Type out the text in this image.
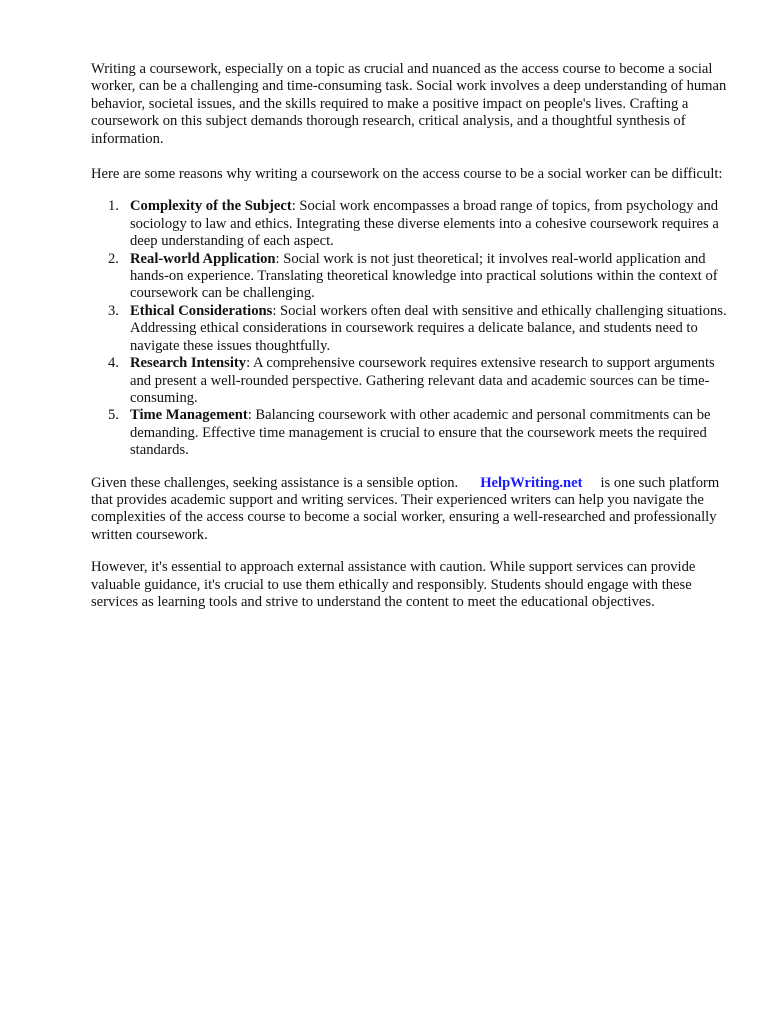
Writing a coursework, especially on a topic as crucial and nuanced as the access course to become a social worker, can be a challenging and time-consuming task. Social work involves a deep understanding of human behavior, societal issues, and the skills required to make a positive impact on people's lives. Crafting a coursework on this subject demands thorough research, critical analysis, and a thoughtful synthesis of information.

Here are some reasons why writing a coursework on the access course to be a social worker can be difficult:

1. Complexity of the Subject: Social work encompasses a broad range of topics, from psychology and sociology to law and ethics. Integrating these diverse elements into a cohesive coursework requires a deep understanding of each aspect.
2. Real-world Application: Social work is not just theoretical; it involves real-world application and hands-on experience. Translating theoretical knowledge into practical solutions within the context of coursework can be challenging.
3. Ethical Considerations: Social workers often deal with sensitive and ethically challenging situations. Addressing ethical considerations in coursework requires a delicate balance, and students need to navigate these issues thoughtfully.
4. Research Intensity: A comprehensive coursework requires extensive research to support arguments and present a well-rounded perspective. Gathering relevant data and academic sources can be time-consuming.
5. Time Management: Balancing coursework with other academic and personal commitments can be demanding. Effective time management is crucial to ensure that the coursework meets the required standards.

Given these challenges, seeking assistance is a sensible option. HelpWriting.net is one such platform that provides academic support and writing services. Their experienced writers can help you navigate the complexities of the access course to become a social worker, ensuring a well-researched and professionally written coursework.

However, it's essential to approach external assistance with caution. While support services can provide valuable guidance, it's crucial to use them ethically and responsibly. Students should engage with these services as learning tools and strive to understand the content to meet the educational objectives.
